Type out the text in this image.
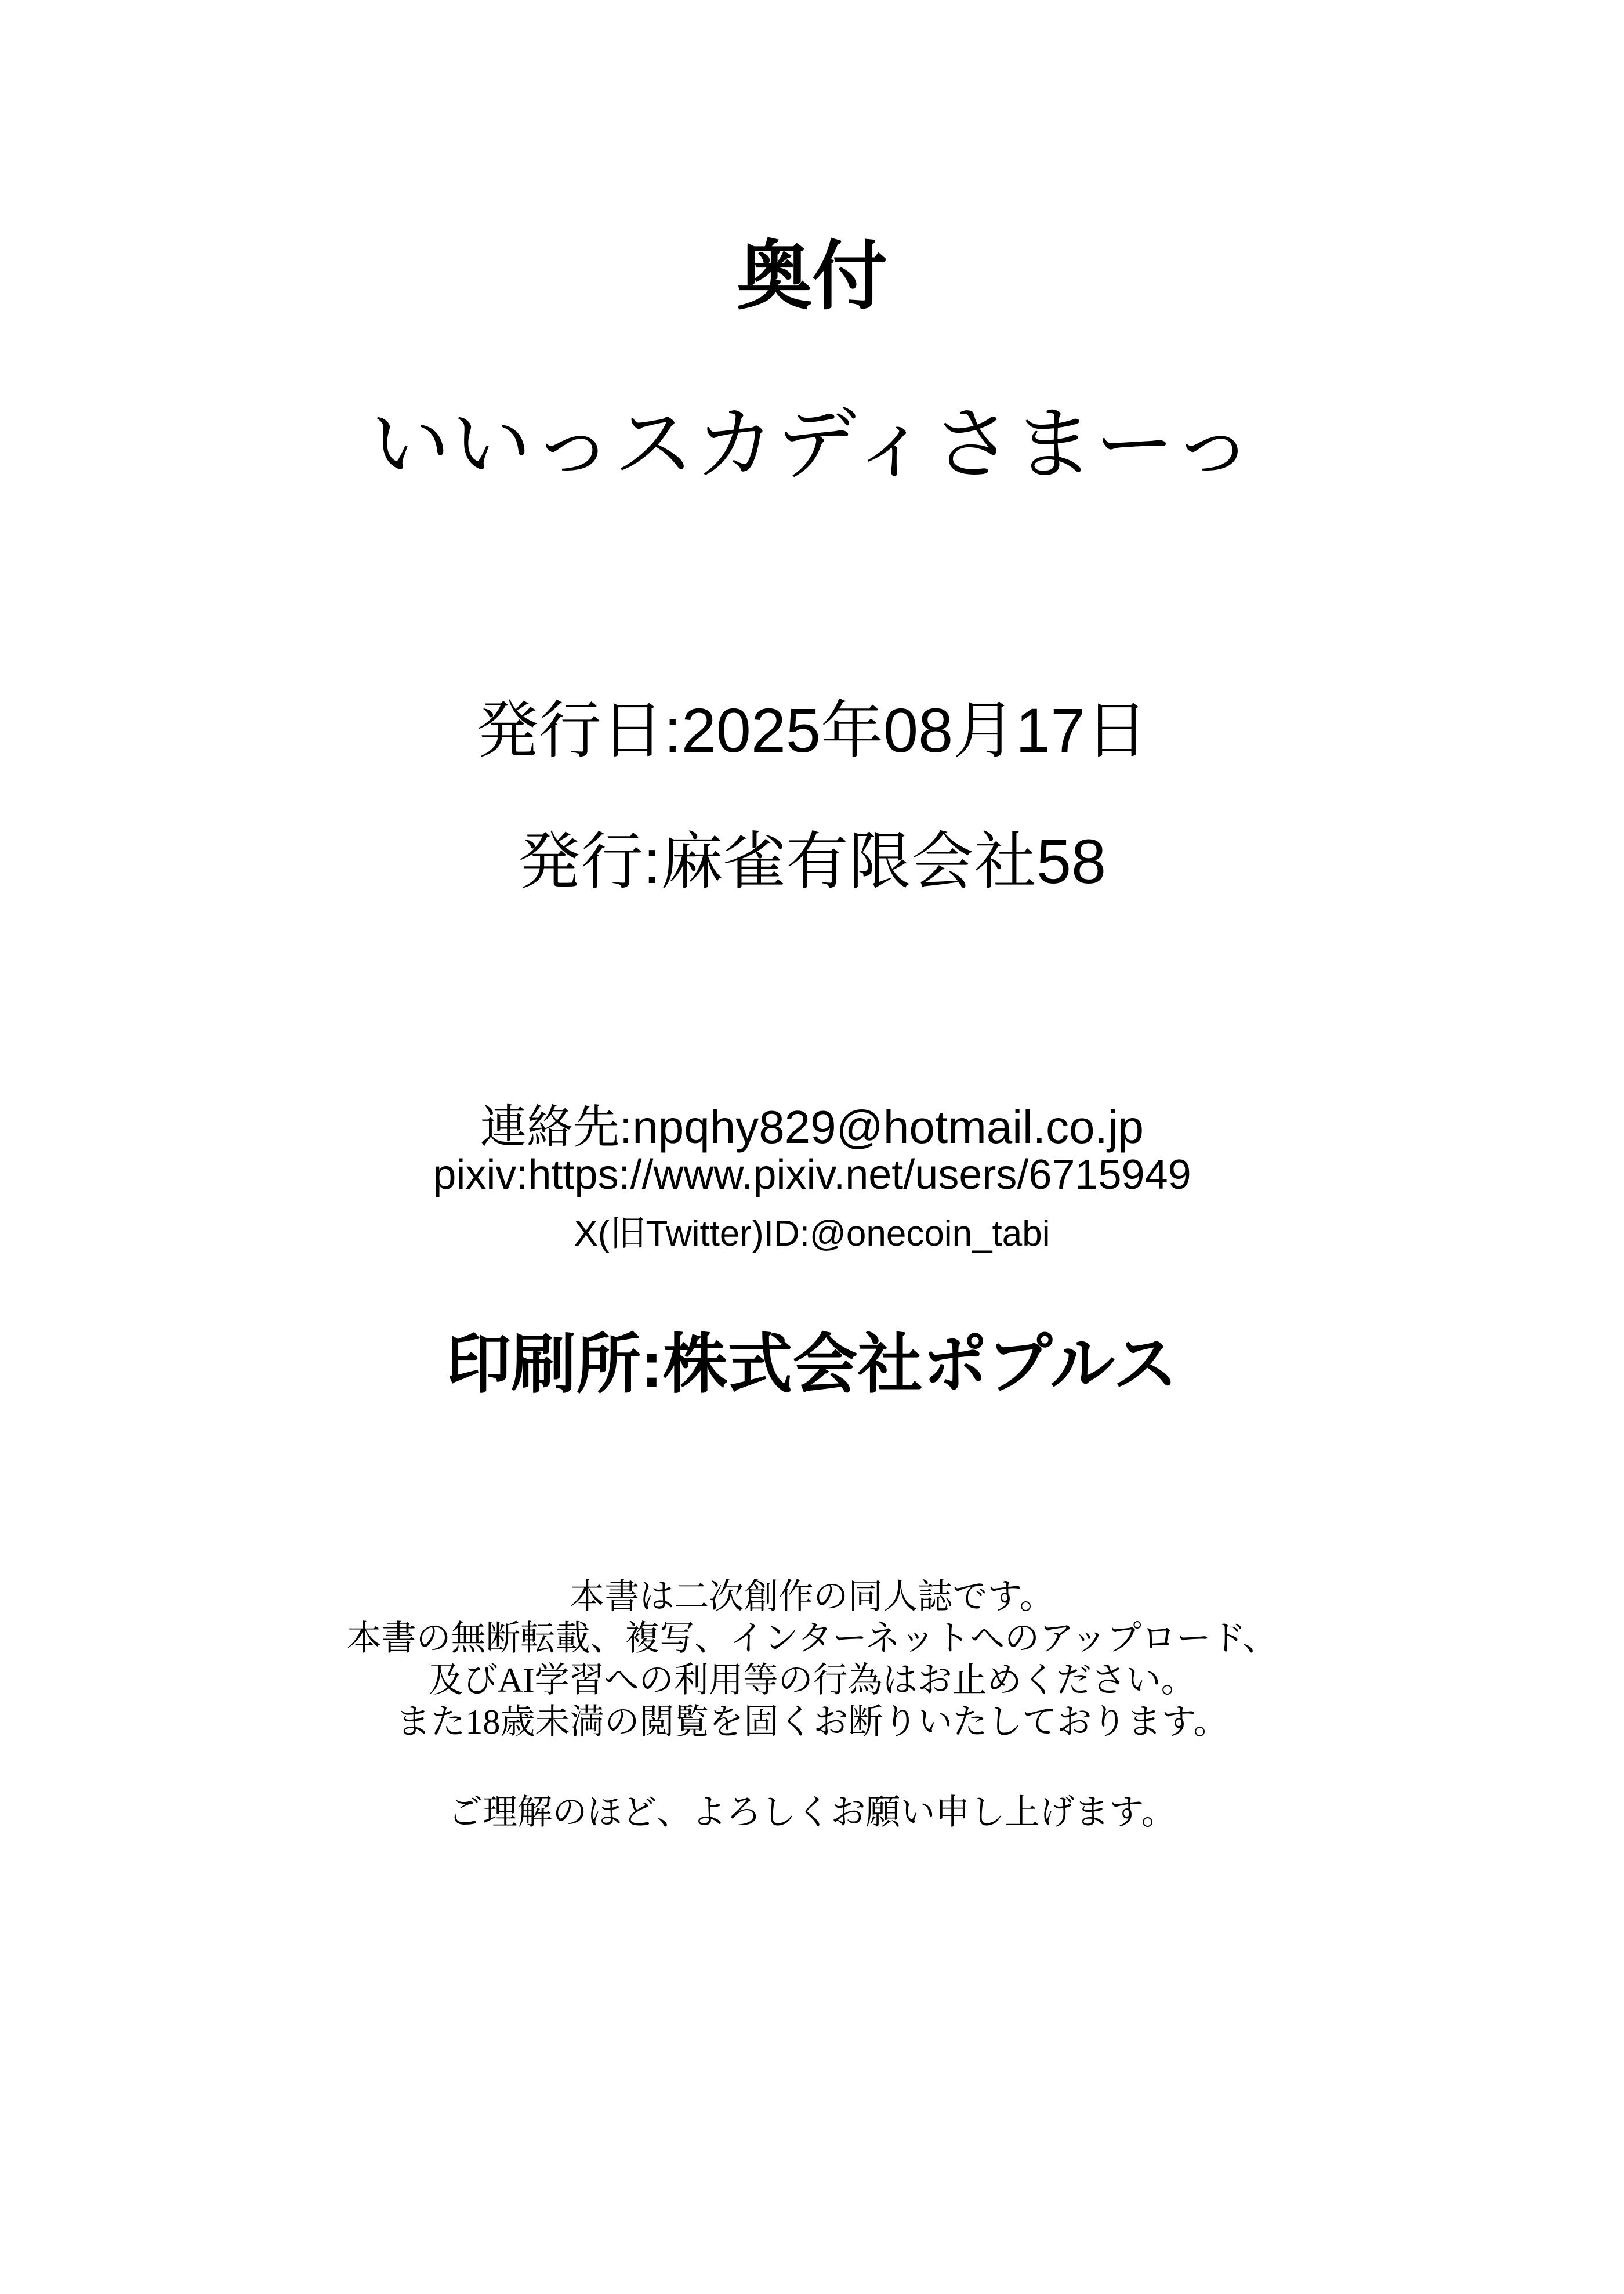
奥付
いいっスカディさまーっ
発行日:2025年08月17日
発行:麻雀有限会社58
連絡先:npqhy829@hotmail.co.jp
pixiv:https://www.pixiv.net/users/6715949
X(旧Twitter)ID:@onecoin_tabi
印刷所:株式会社ポプルス
本書は二次創作の同人誌です。
本書の無断転載、複写、インターネットへのアップロード、
及びAI学習への利用等の行為はお止めください。
また18歳未満の閲覧を固くお断りいたしております。
ご理解のほど、よろしくお願い申し上げます。
